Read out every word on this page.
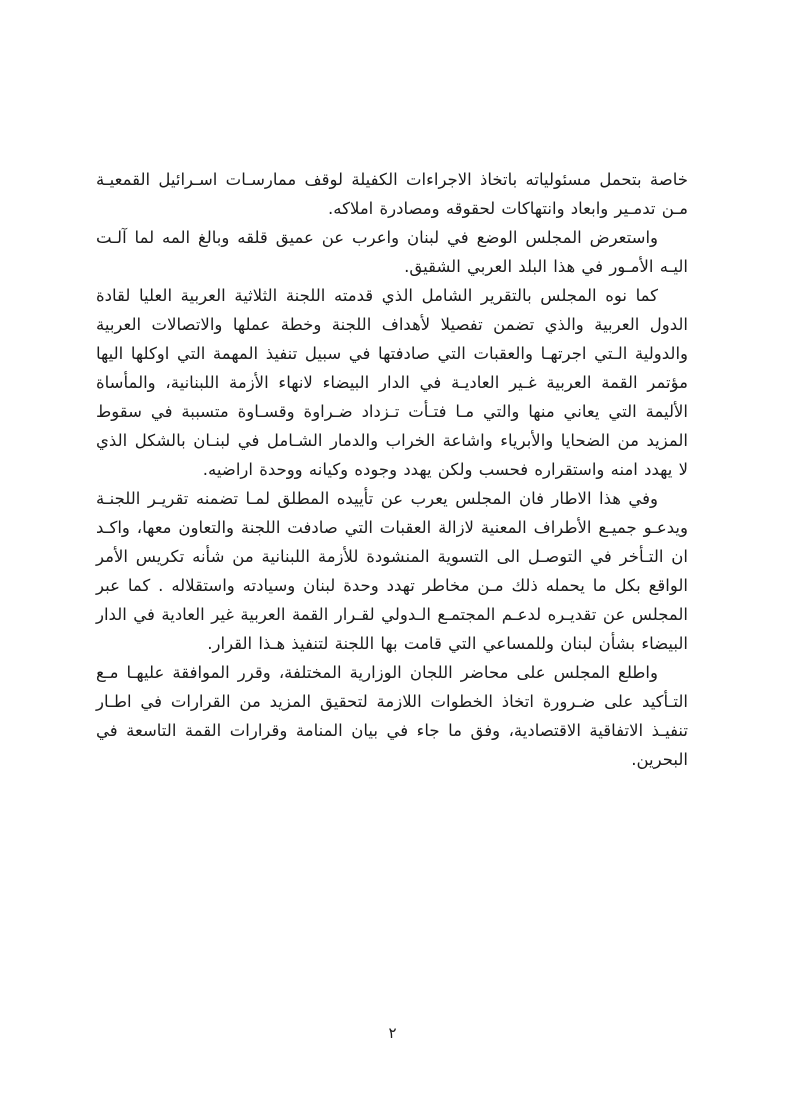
خاصة بتحمل مسئولياته باتخاذ الاجراءات الكفيلة لوقف ممارسـات اسـرائيل القمعيـة مـن تدمـير وابعاد وانتهاكات لحقوقه ومصادرة املاكه.

واستعرض المجلس الوضع في لبنان واعرب عن عميق قلقه وبالغ المه لما آلـت اليـه الأمـور في هذا البلد العربي الشقيق.

كما نوه المجلس بالتقرير الشامل الذي قدمته اللجنة الثلاثية العربية العليا لقادة الدول العربية والذي تضمن تفصيلا لأهداف اللجنة وخطة عملها والاتصالات العربية والدولية الـتي اجرتهـا والعقبات التي صادفتها في سبيل تنفيذ المهمة التي اوكلها اليها مؤتمر القمة العربية غـير العاديـة في الدار البيضاء لانهاء الأزمة اللبنانية، والمأساة الأليمة التي يعاني منها والتي مـا فتـأت تـزداد ضـراوة وقسـاوة متسببة في سقوط المزيد من الضحايا والأبرياء واشاعة الخراب والدمار الشـامل في لبنـان بالشكل الذي لا يهدد امنه واستقراره فحسب ولكن يهدد وجوده وكيانه ووحدة اراضيه.

وفي هذا الاطار فان المجلس يعرب عن تأييده المطلق لمـا تضمنه تقريـر اللجنـة ويدعـو جميـع الأطراف المعنية لازالة العقبات التي صادفت اللجنة والتعاون معها، واكـد ان التـأخر في التوصـل الى التسوية المنشودة للأزمة اللبنانية من شأنه تكريس الأمر الواقع بكل ما يحمله ذلك مـن مخاطر تهدد وحدة لبنان وسيادته واستقلاله . كما عبر المجلس عن تقديـره لدعـم المجتمـع الـدولي لقـرار القمة العربية غير العادية في الدار البيضاء بشأن لبنان وللمساعي التي قامت بها اللجنة لتنفيذ هـذا القرار.

واطلع المجلس على محاضر اللجان الوزارية المختلفة، وقرر الموافقة عليهـا مـع التـأكيد على ضـرورة اتخاذ الخطوات اللازمة لتحقيق المزيد من القرارات في اطـار تنفيـذ الاتفاقية الاقتصادية، وفق ما جاء في بيان المنامة وقرارات القمة التاسعة في البحرين.

٢
